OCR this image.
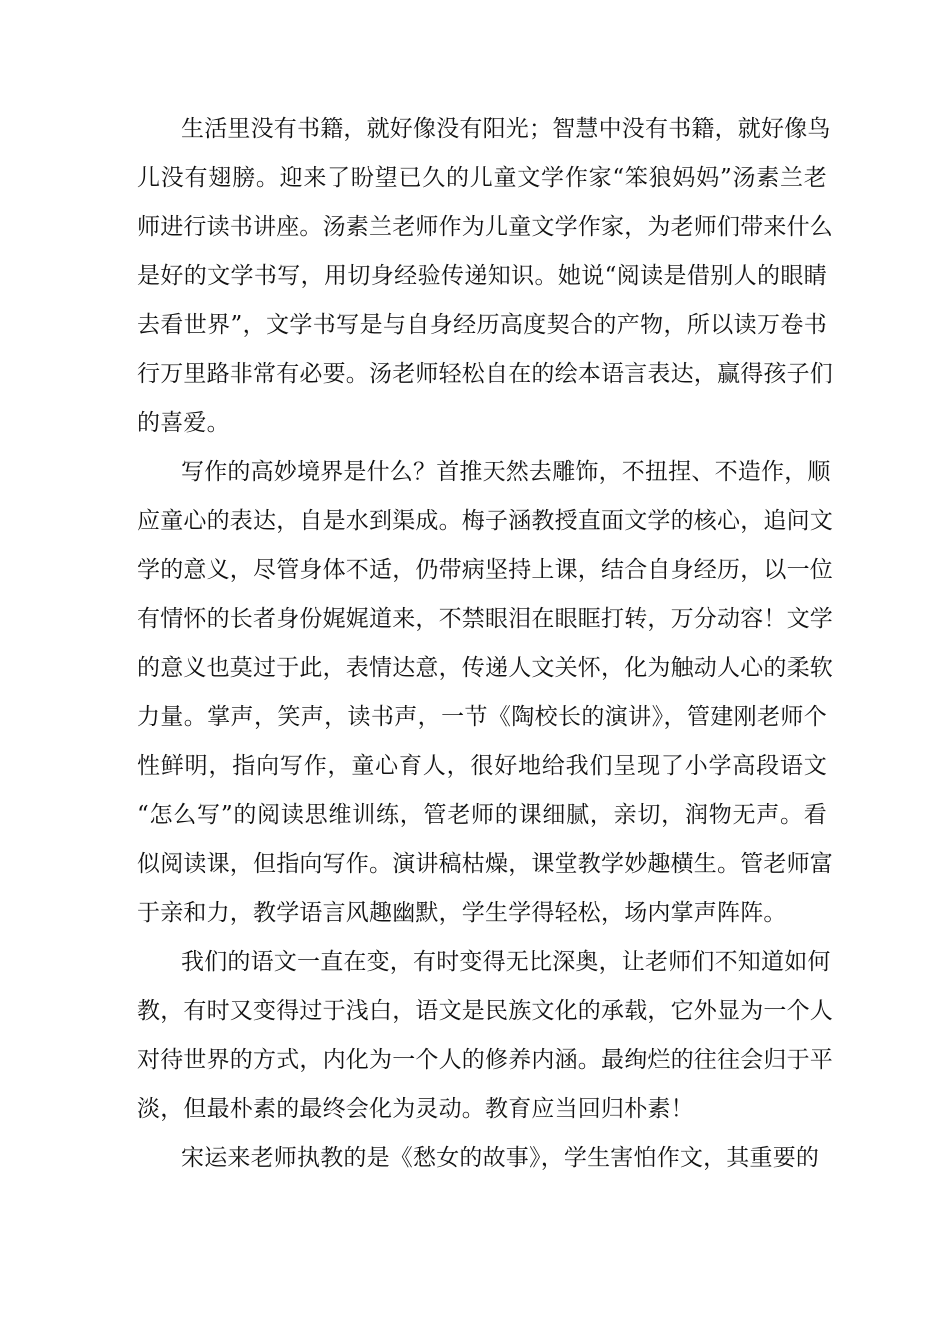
生活里没有书籍，就好像没有阳光；智慧中没有书籍，就好像鸟
儿没有翅膀。迎来了盼望已久的儿童文学作家“笨狼妈妈”汤素兰老
师进行读书讲座。汤素兰老师作为儿童文学作家，为老师们带来什么
是好的文学书写，用切身经验传递知识。她说“阅读是借别人的眼睛
去看世界”，文学书写是与自身经历高度契合的产物，所以读万卷书
行万里路非常有必要。汤老师轻松自在的绘本语言表达，赢得孩子们
的喜爱。
写作的高妙境界是什么？首推天然去雕饰，不扭捏、不造作，顺
应童心的表达，自是水到渠成。梅子涵教授直面文学的核心，追问文
学的意义，尽管身体不适，仍带病坚持上课，结合自身经历，以一位
有情怀的长者身份娓娓道来，不禁眼泪在眼眶打转，万分动容！文学
的意义也莫过于此，表情达意，传递人文关怀，化为触动人心的柔软
力量。掌声，笑声，读书声，一节《陶校长的演讲》，管建刚老师个
性鲜明，指向写作，童心育人，很好地给我们呈现了小学高段语文
“怎么写”的阅读思维训练，管老师的课细腻，亲切，润物无声。看
似阅读课，但指向写作。演讲稿枯燥，课堂教学妙趣横生。管老师富
于亲和力，教学语言风趣幽默，学生学得轻松，场内掌声阵阵。
我们的语文一直在变，有时变得无比深奥，让老师们不知道如何
教，有时又变得过于浅白，语文是民族文化的承载，它外显为一个人
对待世界的方式，内化为一个人的修养内涵。最绚烂的往往会归于平
淡，但最朴素的最终会化为灵动。教育应当回归朴素！
宋运来老师执教的是《愁女的故事》，学生害怕作文，其重要的
